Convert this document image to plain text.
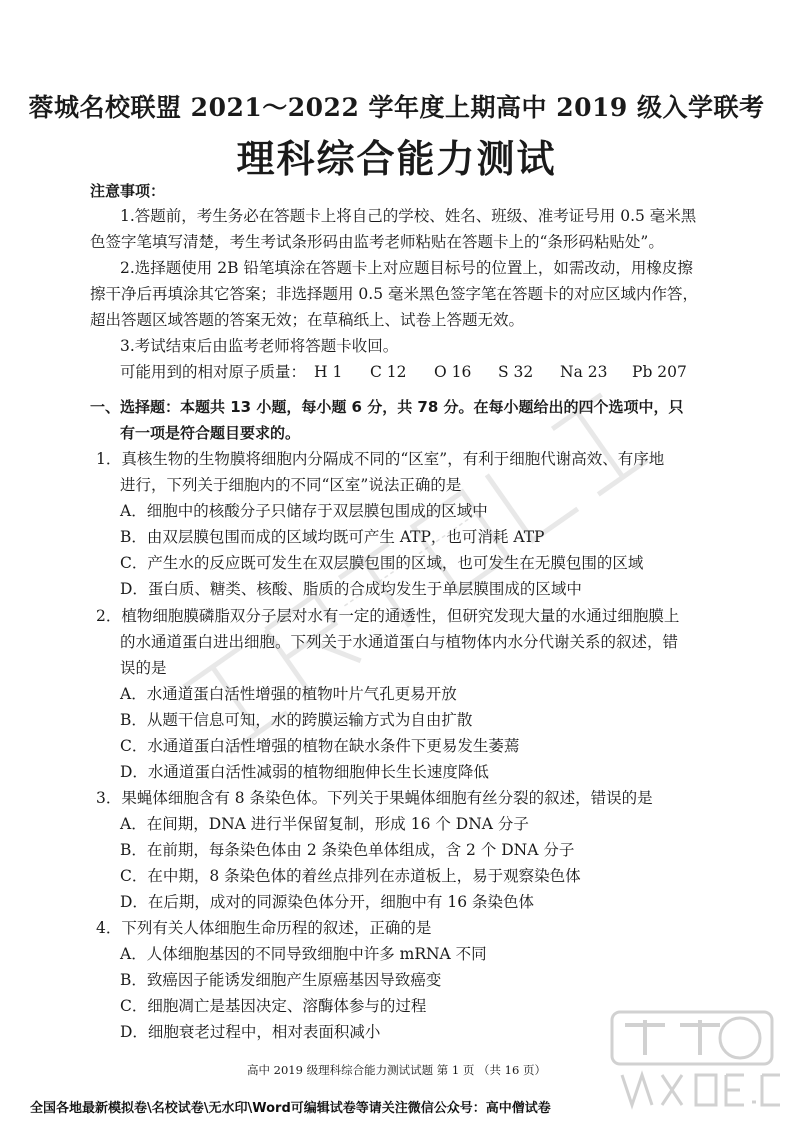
蓉城名校联盟 2021～2022 学年度上期高中 2019 级入学联考
理科综合能力测试
注意事项：
1.答题前，考生务必在答题卡上将自己的学校、姓名、班级、准考证号用 0.5 毫米黑
色签字笔填写清楚，考生考试条形码由监考老师粘贴在答题卡上的“条形码粘贴处”。
2.选择题使用 2B 铅笔填涂在答题卡上对应题目标号的位置上，如需改动，用橡皮擦
擦干净后再填涂其它答案；非选择题用 0.5 毫米黑色签字笔在答题卡的对应区域内作答，
超出答题区域答题的答案无效；在草稿纸上、试卷上答题无效。
3.考试结束后由监考老师将答题卡收回。
可能用到的相对原子质量： H 1 C 12 O 16 S 32 Na 23 Pb 207
一、选择题：本题共 13 小题，每小题 6 分，共 78 分。在每小题给出的四个选项中，只
有一项是符合题目要求的。
1．真核生物的生物膜将细胞内分隔成不同的“区室”，有利于细胞代谢高效、有序地
进行，下列关于细胞内的不同“区室”说法正确的是
A．细胞中的核酸分子只储存于双层膜包围成的区域中
B．由双层膜包围而成的区域均既可产生 ATP，也可消耗 ATP
C．产生水的反应既可发生在双层膜包围的区域，也可发生在无膜包围的区域
D．蛋白质、糖类、核酸、脂质的合成均发生于单层膜围成的区域中
2．植物细胞膜磷脂双分子层对水有一定的通透性，但研究发现大量的水通过细胞膜上
的水通道蛋白进出细胞。下列关于水通道蛋白与植物体内水分代谢关系的叙述，错
误的是
A．水通道蛋白活性增强的植物叶片气孔更易开放
B．从题干信息可知，水的跨膜运输方式为自由扩散
C．水通道蛋白活性增强的植物在缺水条件下更易发生萎蔫
D．水通道蛋白活性减弱的植物细胞伸长生长速度降低
3．果蝇体细胞含有 8 条染色体。下列关于果蝇体细胞有丝分裂的叙述，错误的是
A．在间期，DNA 进行半保留复制，形成 16 个 DNA 分子
B．在前期，每条染色体由 2 条染色单体组成，含 2 个 DNA 分子
C．在中期，8 条染色体的着丝点排列在赤道板上，易于观察染色体
D．在后期，成对的同源染色体分开，细胞中有 16 条染色体
4．下列有关人体细胞生命历程的叙述，正确的是
A．人体细胞基因的不同导致细胞中许多 mRNA 不同
B．致癌因子能诱发细胞产生原癌基因导致癌变
C．细胞凋亡是基因决定、溶酶体参与的过程
D．细胞衰老过程中，相对表面积减小
高中 2019 级理科综合能力测试试题 第 1 页 （共 16 页）
全国各地最新模拟卷\名校试卷\无水印\Word可编辑试卷等请关注微信公众号：高中僧试卷
